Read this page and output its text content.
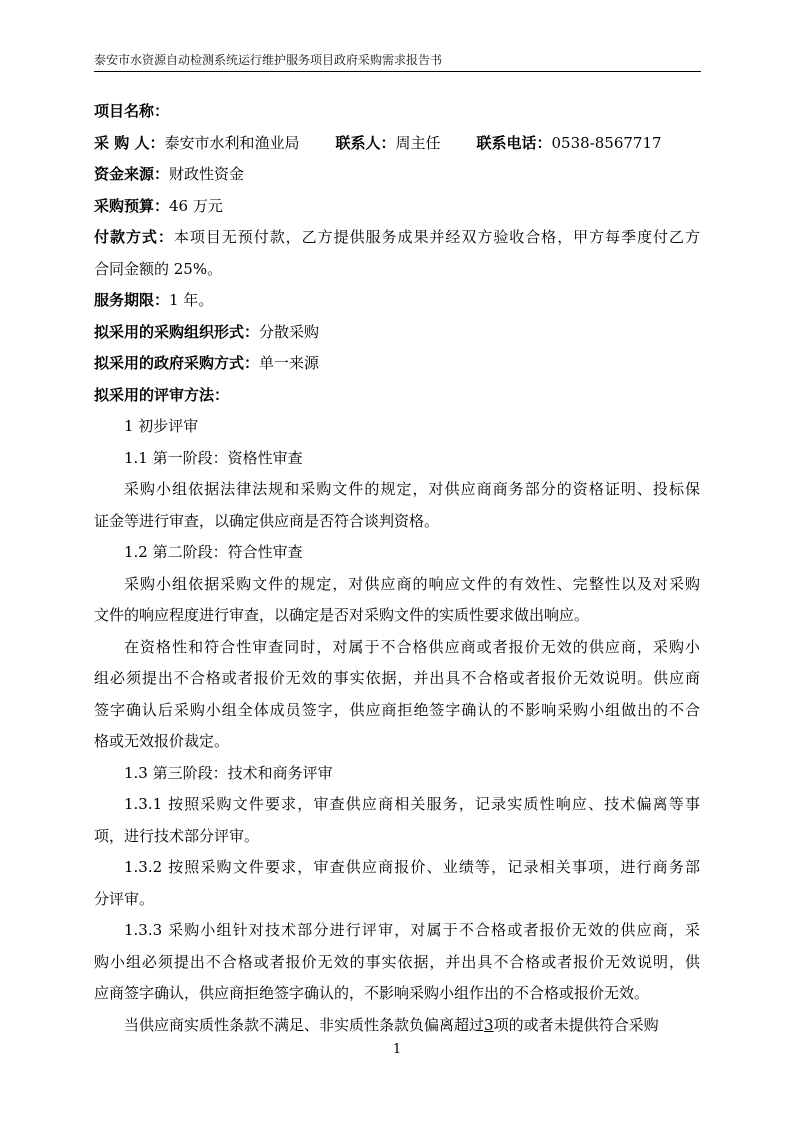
泰安市水资源自动检测系统运行维护服务项目政府采购需求报告书
项目名称：
采 购 人：泰安市水利和渔业局 联系人：周主任 联系电话：0538-8567717
资金来源：财政性资金
采购预算：46 万元
付款方式：本项目无预付款，乙方提供服务成果并经双方验收合格，甲方每季度付乙方
合同金额的 25%。
服务期限：1 年。
拟采用的采购组织形式：分散采购
拟采用的政府采购方式：单一来源
拟采用的评审方法：
1 初步评审
1.1 第一阶段：资格性审查
采购小组依据法律法规和采购文件的规定，对供应商商务部分的资格证明、投标保
证金等进行审查，以确定供应商是否符合谈判资格。
1.2 第二阶段：符合性审查
采购小组依据采购文件的规定，对供应商的响应文件的有效性、完整性以及对采购
文件的响应程度进行审查，以确定是否对采购文件的实质性要求做出响应。
在资格性和符合性审查同时，对属于不合格供应商或者报价无效的供应商，采购小
组必须提出不合格或者报价无效的事实依据，并出具不合格或者报价无效说明。供应商
签字确认后采购小组全体成员签字，供应商拒绝签字确认的不影响采购小组做出的不合
格或无效报价裁定。
1.3 第三阶段：技术和商务评审
1.3.1 按照采购文件要求，审查供应商相关服务，记录实质性响应、技术偏离等事
项，进行技术部分评审。
1.3.2 按照采购文件要求，审查供应商报价、业绩等，记录相关事项，进行商务部
分评审。
1.3.3 采购小组针对技术部分进行评审，对属于不合格或者报价无效的供应商，采
购小组必须提出不合格或者报价无效的事实依据，并出具不合格或者报价无效说明，供
应商签字确认，供应商拒绝签字确认的，不影响采购小组作出的不合格或报价无效。
当供应商实质性条款不满足、非实质性条款负偏离超过3项的或者未提供符合采购
1
